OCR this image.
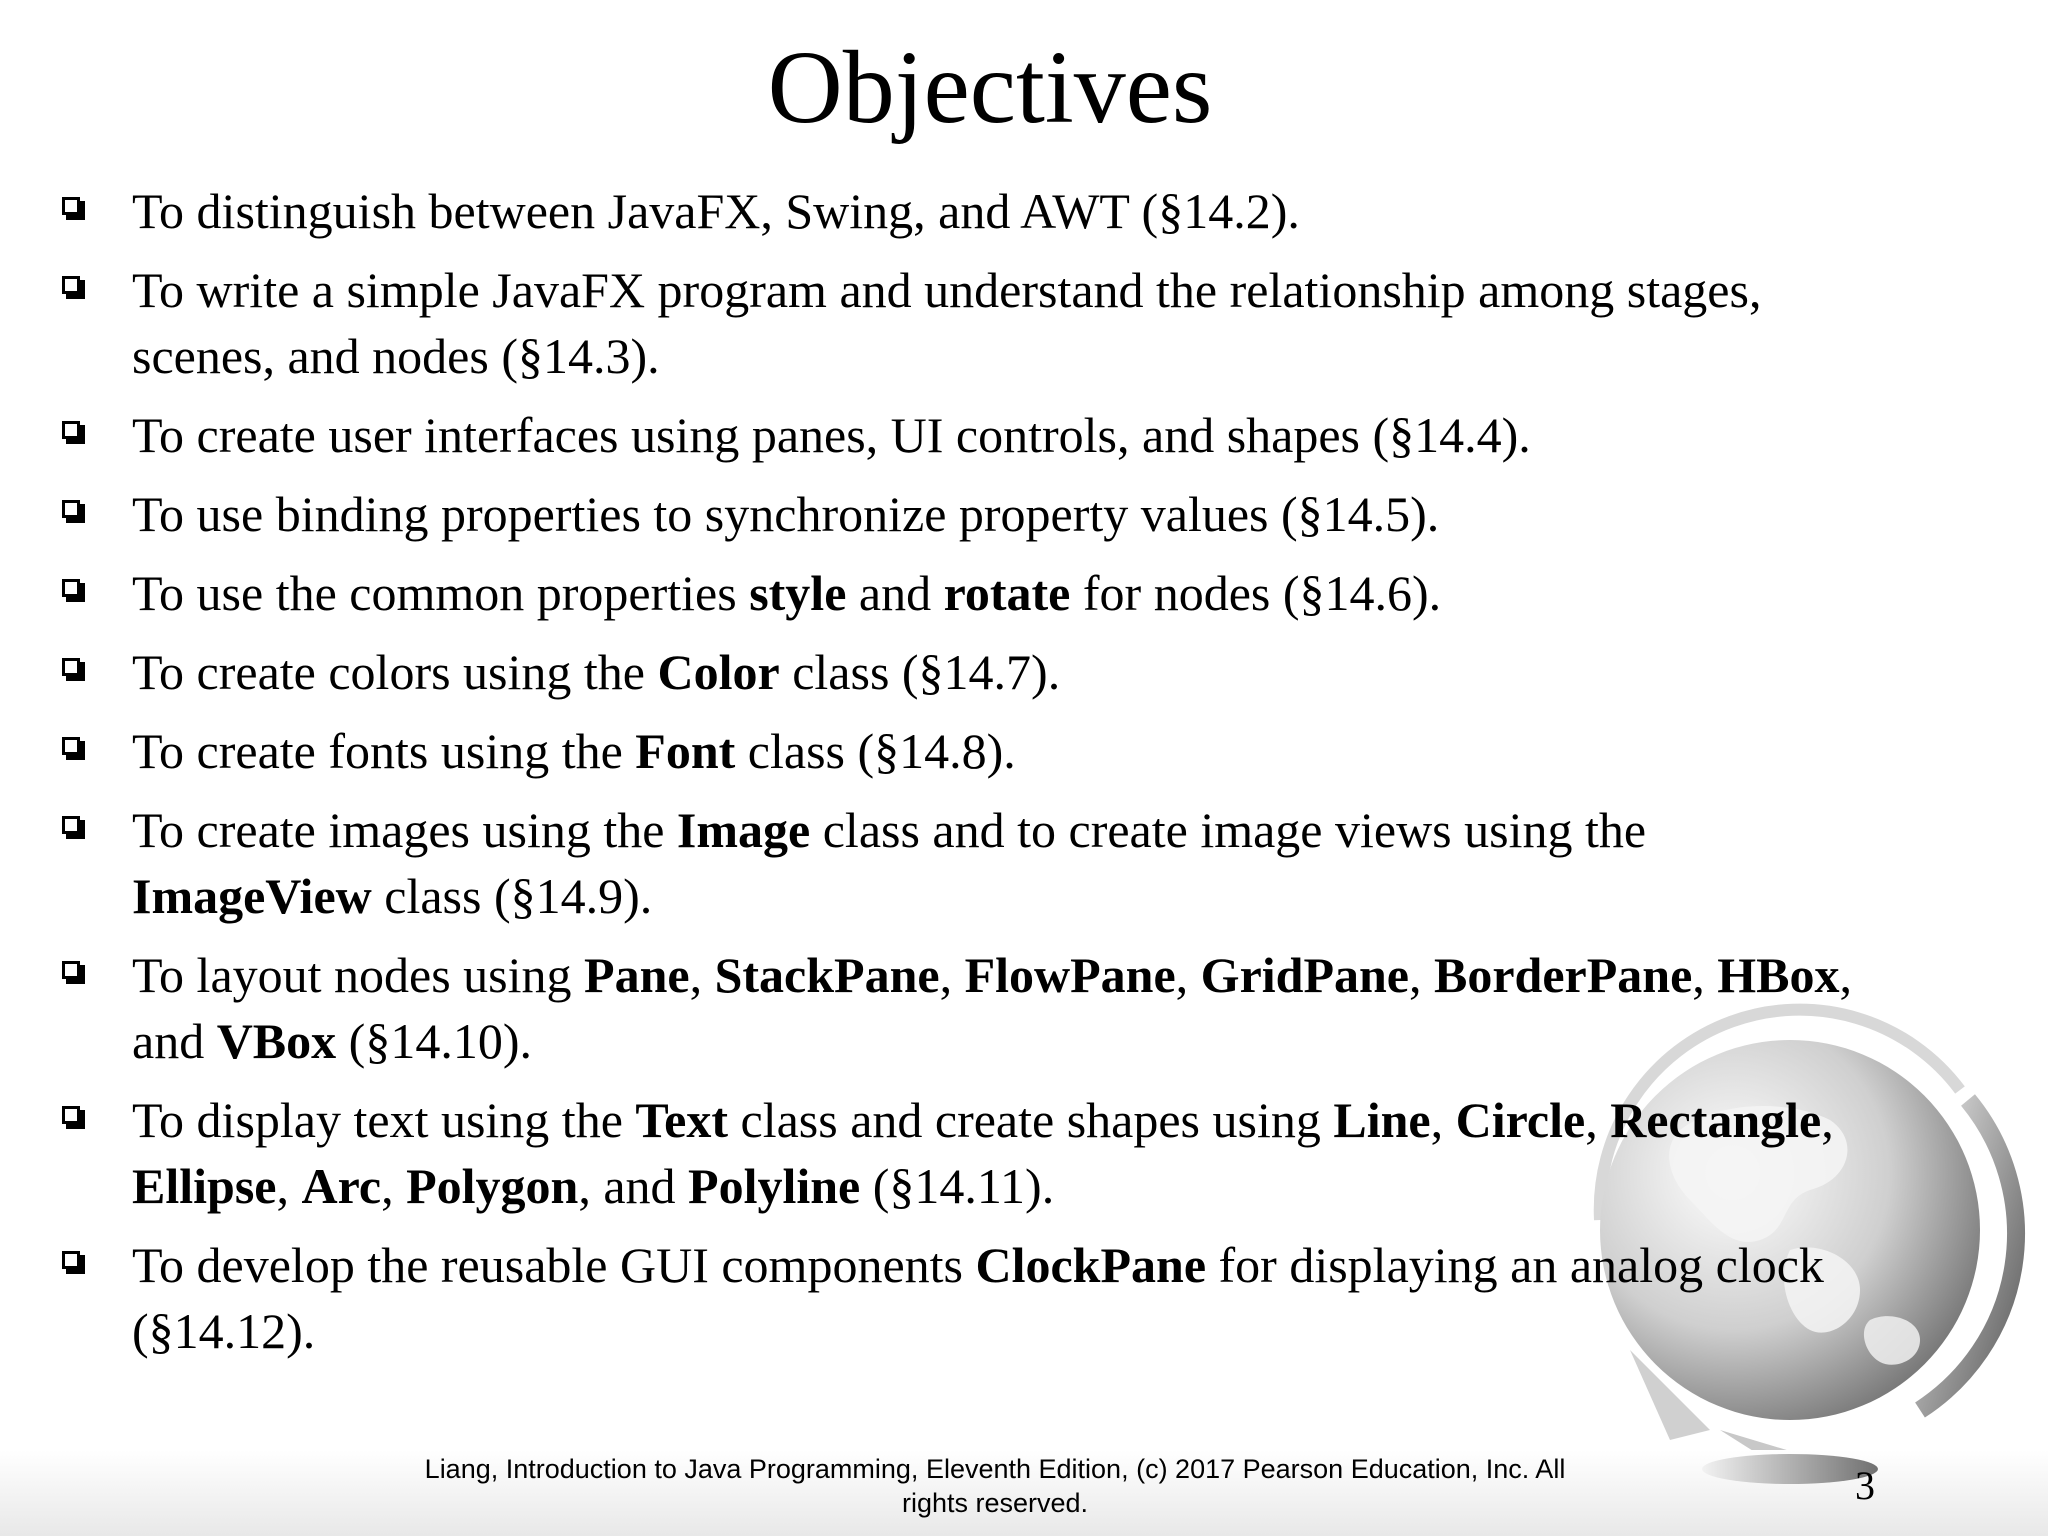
Objectives
To distinguish between JavaFX, Swing, and AWT (§14.2).
To write a simple JavaFX program and understand the relationship among stages,
scenes, and nodes (§14.3).
To create user interfaces using panes, UI controls, and shapes (§14.4).
To use binding properties to synchronize property values (§14.5).
To use the common properties style and rotate for nodes (§14.6).
To create colors using the Color class (§14.7).
To create fonts using the Font class (§14.8).
To create images using the Image class and to create image views using the
ImageView class (§14.9).
To layout nodes using Pane, StackPane, FlowPane, GridPane, BorderPane, HBox,
and VBox (§14.10).
To display text using the Text class and create shapes using Line, Circle, Rectangle,
Ellipse, Arc, Polygon, and Polyline (§14.11).
To develop the reusable GUI components ClockPane for displaying an analog clock
(§14.12).
Liang, Introduction to Java Programming, Eleventh Edition, (c) 2017 Pearson Education, Inc. All
rights reserved.	3
